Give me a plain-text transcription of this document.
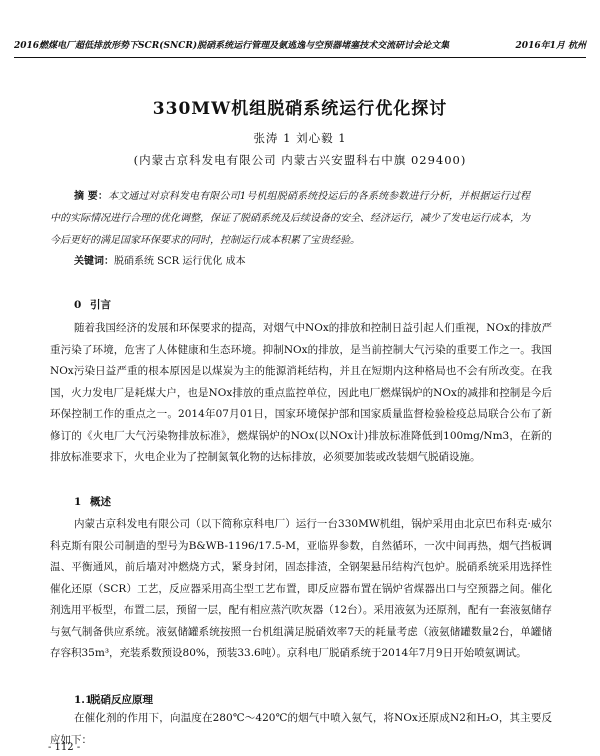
2016燃煤电厂超低排放形势下SCR(SNCR)脱硝系统运行管理及氨逃逸与空预器堵塞技术交流研讨会论文集	2016年1月 杭州
330MW机组脱硝系统运行优化探讨
张涛 1 刘心毅 1
(内蒙古京科发电有限公司 内蒙古兴安盟科右中旗 029400)
摘 要：本文通过对京科发电有限公司1号机组脱硝系统投运后的各系统参数进行分析，并根据运行过程中的实际情况进行合理的优化调整，保证了脱硝系统及后续设备的安全、经济运行，减少了发电运行成本，为今后更好的满足国家环保要求的同时，控制运行成本积累了宝贵经验。
关键词：脱硝系统 SCR 运行优化 成本
0 引言
随着我国经济的发展和环保要求的提高，对烟气中NOx的排放和控制日益引起人们重视，NOx的排放严重污染了环境，危害了人体健康和生态环境。抑制NOx的排放，是当前控制大气污染的重要工作之一。我国NOx污染日益严重的根本原因是以煤炭为主的能源消耗结构，并且在短期内这种格局也不会有所改变。在我国，火力发电厂是耗煤大户，也是NOx排放的重点监控单位，因此电厂燃煤锅炉的NOx的减排和控制是今后环保控制工作的重点之一。2014年07月01日，国家环境保护部和国家质量监督检验检疫总局联合公布了新修订的《火电厂大气污染物排放标准》，燃煤锅炉的NOx(以NOx计)排放标准降低到100mg/Nm3，在新的排放标准要求下，火电企业为了控制氮氧化物的达标排放，必须要加装或改装烟气脱硝设施。
1 概述
内蒙古京科发电有限公司（以下简称京科电厂）运行一台330MW机组，锅炉采用由北京巴布科克·威尔科克斯有限公司制造的型号为B&WB-1196/17.5-M，亚临界参数，自然循环，一次中间再热，烟气挡板调温、平衡通风，前后墙对冲燃烧方式，紧身封闭，固态排渣，全钢架悬吊结构汽包炉。脱硝系统采用选择性催化还原（SCR）工艺，反应器采用高尘型工艺布置，即反应器布置在锅炉省煤器出口与空预器之间。催化剂选用平板型，布置二层，预留一层，配有相应蒸汽吹灰器（12台）。采用液氨为还原剂，配有一套液氨储存与氨气制备供应系统。液氨储罐系统按照一台机组满足脱硝效率7天的耗量考虑（液氨储罐数量2台，单罐储存容积35m³，充装系数预设80%，预装33.6吨）。京科电厂脱硝系统于2014年7月9日开始喷氨调试。
1.1脱硝反应原理
在催化剂的作用下，向温度在280℃～420℃的烟气中喷入氨气，将NOx还原成N2和H₂O，其主要反应如下：
- 112 -
